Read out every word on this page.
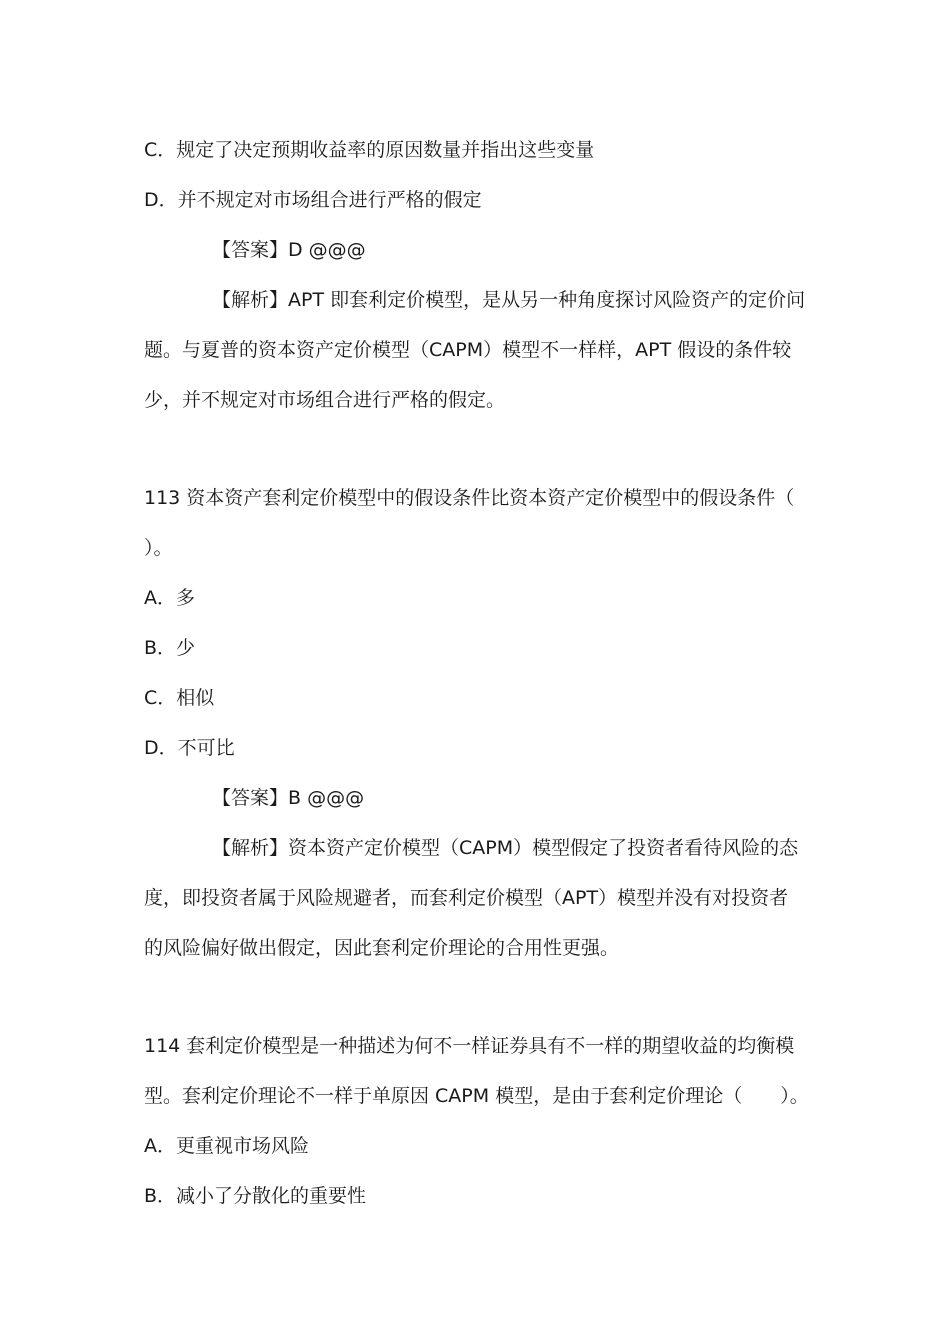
C．规定了决定预期收益率的原因数量并指出这些变量
D．并不规定对市场组合进行严格的假定
【答案】D @@@
【解析】APT 即套利定价模型，是从另一种角度探讨风险资产的定价问
题。与夏普的资本资产定价模型（CAPM）模型不一样样，APT 假设的条件较
少，并不规定对市场组合进行严格的假定。
113 资本资产套利定价模型中的假设条件比资本资产定价模型中的假设条件（
）。
A．多
B．少
C．相似
D．不可比
【答案】B @@@
【解析】资本资产定价模型（CAPM）模型假定了投资者看待风险的态
度，即投资者属于风险规避者，而套利定价模型（APT）模型并没有对投资者
的风险偏好做出假定，因此套利定价理论的合用性更强。
114 套利定价模型是一种描述为何不一样证券具有不一样的期望收益的均衡模
型。套利定价理论不一样于单原因 CAPM 模型，是由于套利定价理论（　　）。
A．更重视市场风险
B．减小了分散化的重要性
